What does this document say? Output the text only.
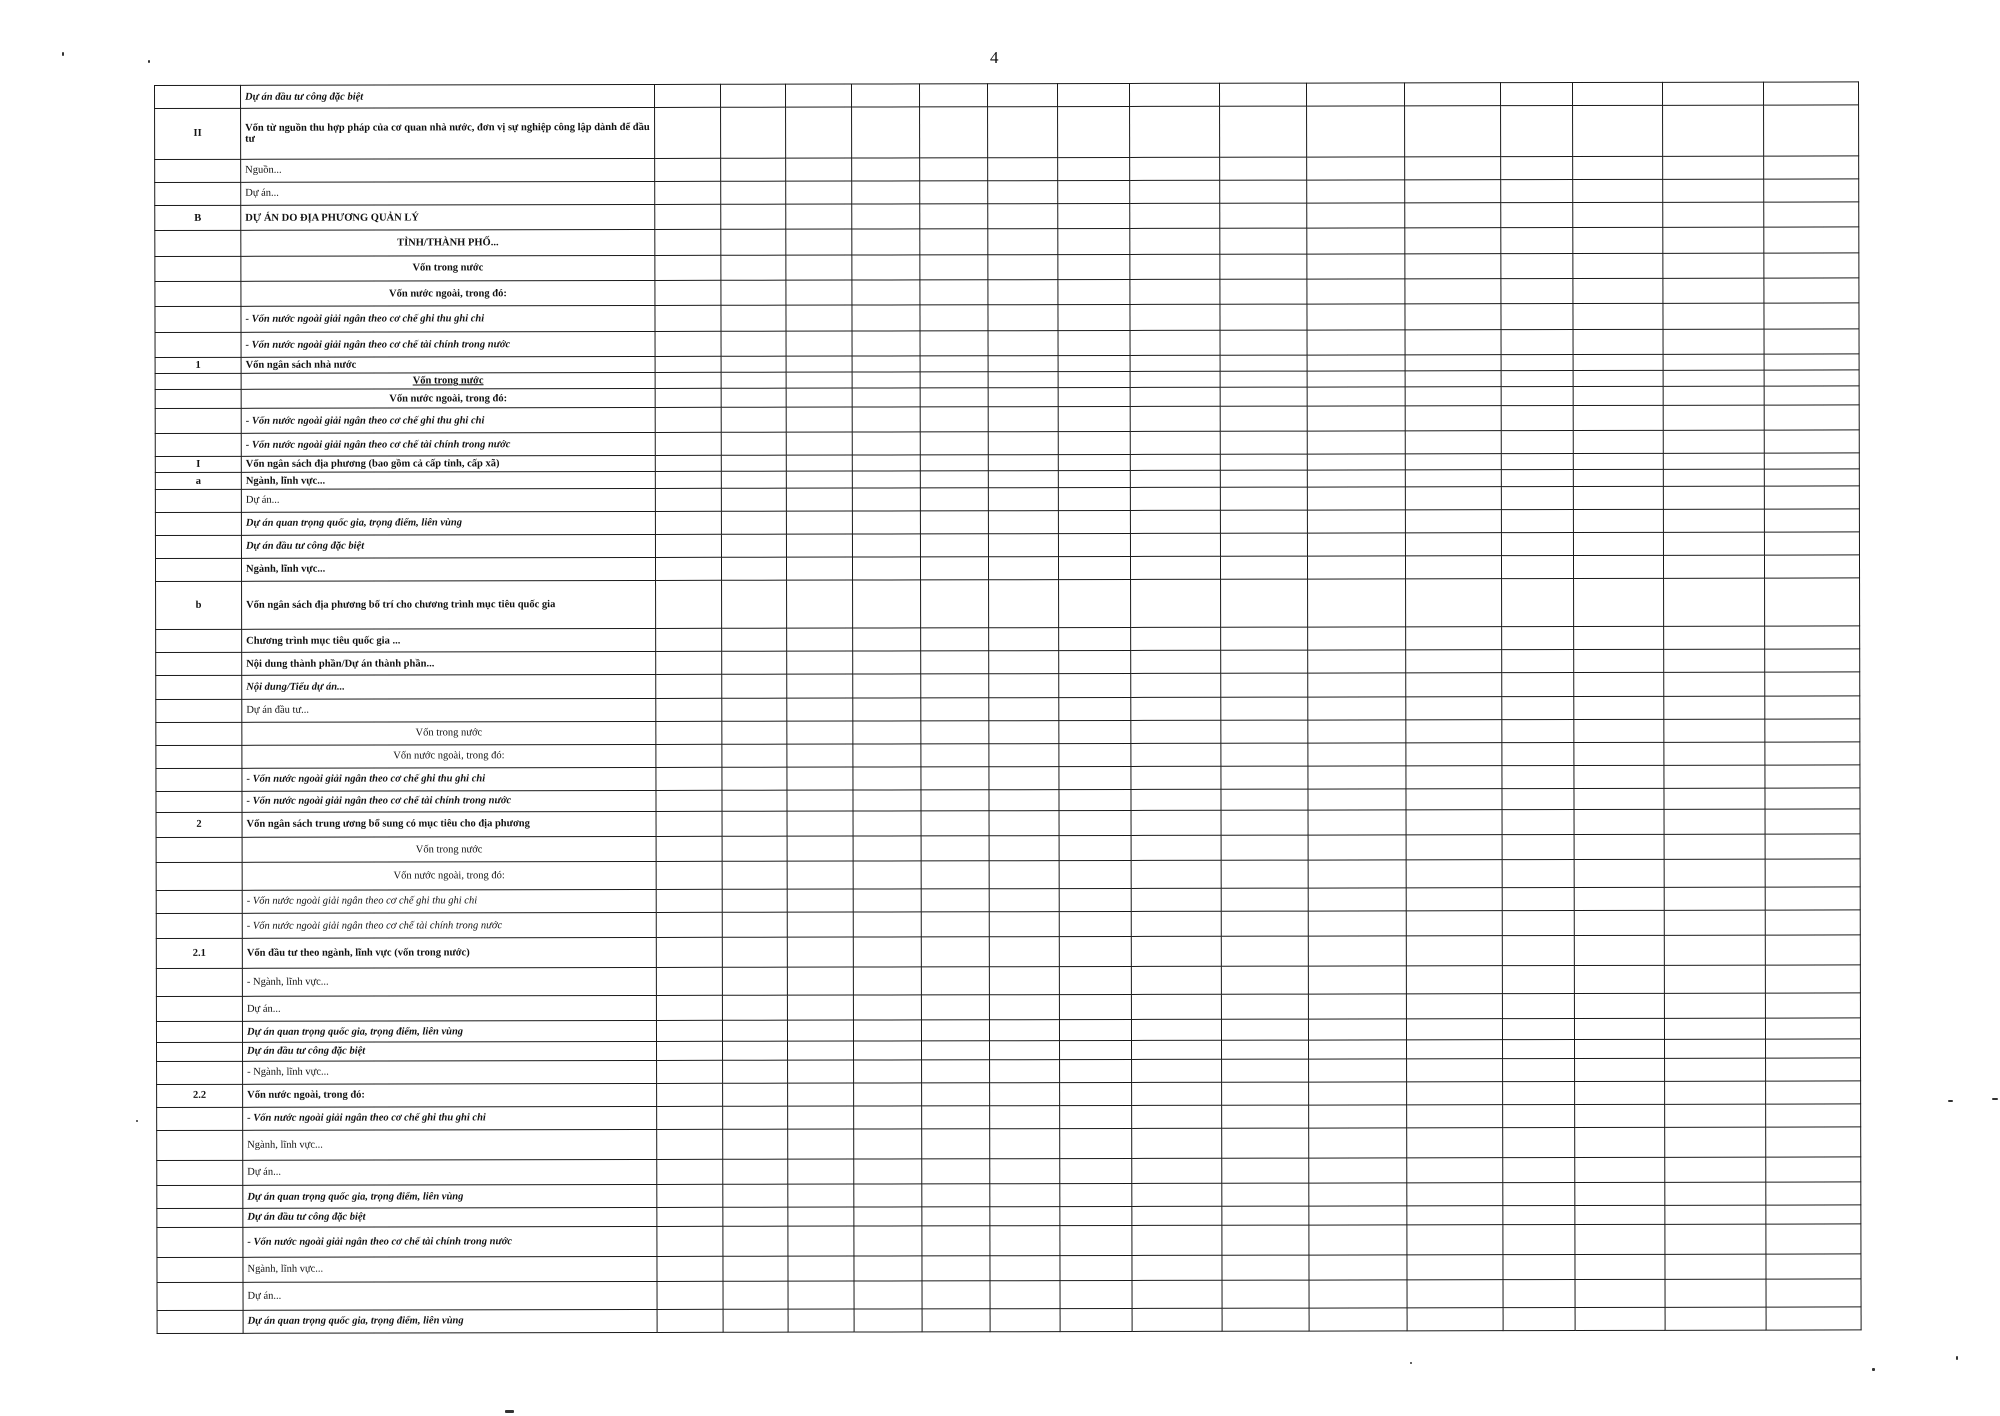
4
	Dự án đầu tư công đặc biệt															
II	Vốn từ nguồn thu hợp pháp của cơ quan nhà nước, đơn vị sự nghiệp công lập dành để đầu tư															
	Nguồn...															
	Dự án...															
B	DỰ ÁN DO ĐỊA PHƯƠNG QUẢN LÝ															
	TỈNH/THÀNH PHỐ...															
	Vốn trong nước															
	Vốn nước ngoài, trong đó:															
	- Vốn nước ngoài giải ngân theo cơ chế ghi thu ghi chi															
	- Vốn nước ngoài giải ngân theo cơ chế tài chính trong nước															
1	Vốn ngân sách nhà nước															
	Vốn trong nước															
	Vốn nước ngoài, trong đó:															
	- Vốn nước ngoài giải ngân theo cơ chế ghi thu ghi chi															
	- Vốn nước ngoài giải ngân theo cơ chế tài chính trong nước															
I	Vốn ngân sách địa phương (bao gồm cả cấp tỉnh, cấp xã)															
a	Ngành, lĩnh vực...															
	Dự án...															
	Dự án quan trọng quốc gia, trọng điểm, liên vùng															
	Dự án đầu tư công đặc biệt															
	Ngành, lĩnh vực...															
b	Vốn ngân sách địa phương bố trí cho chương trình mục tiêu quốc gia															
	Chương trình mục tiêu quốc gia ...															
	Nội dung thành phần/Dự án thành phần...															
	Nội dung/Tiểu dự án...															
	Dự án đầu tư...															
	Vốn trong nước															
	Vốn nước ngoài, trong đó:															
	- Vốn nước ngoài giải ngân theo cơ chế ghi thu ghi chi															
	- Vốn nước ngoài giải ngân theo cơ chế tài chính trong nước															
2	Vốn ngân sách trung ương bổ sung có mục tiêu cho địa phương															
	Vốn trong nước															
	Vốn nước ngoài, trong đó:															
	- Vốn nước ngoài giải ngân theo cơ chế ghi thu ghi chi															
	- Vốn nước ngoài giải ngân theo cơ chế tài chính trong nước															
2.1	Vốn đầu tư theo ngành, lĩnh vực (vốn trong nước)															
	- Ngành, lĩnh vực...															
	Dự án...															
	Dự án quan trọng quốc gia, trọng điểm, liên vùng															
	Dự án đầu tư công đặc biệt															
	- Ngành, lĩnh vực...															
2.2	Vốn nước ngoài, trong đó:															
	- Vốn nước ngoài giải ngân theo cơ chế ghi thu ghi chi															
	Ngành, lĩnh vực...															
	Dự án...															
	Dự án quan trọng quốc gia, trọng điểm, liên vùng															
	Dự án đầu tư công đặc biệt															
	- Vốn nước ngoài giải ngân theo cơ chế tài chính trong nước															
	Ngành, lĩnh vực...															
	Dự án...															
	Dự án quan trọng quốc gia, trọng điểm, liên vùng															
